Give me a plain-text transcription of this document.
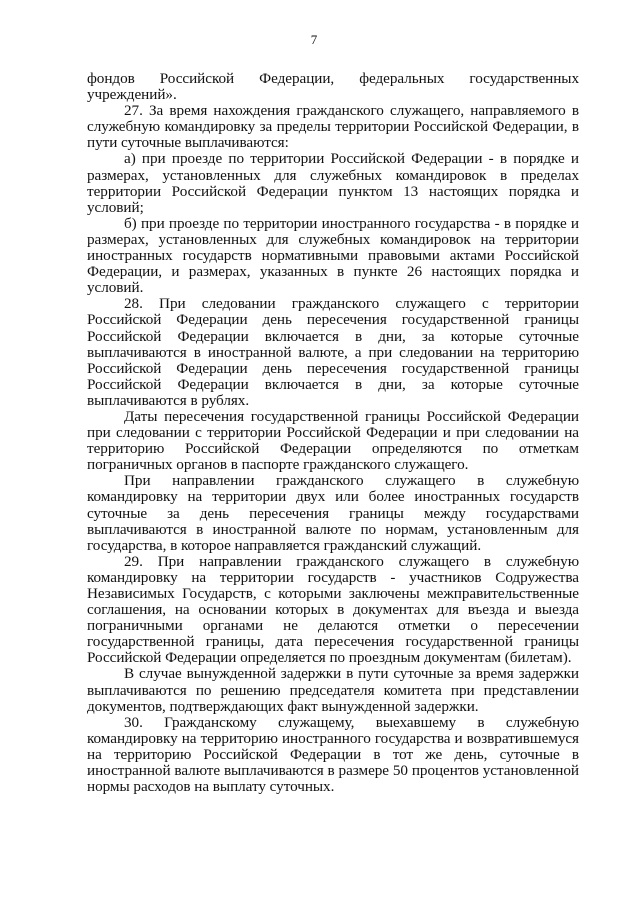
7

фондов Российской Федерации, федеральных государственных учреждений».

27. За время нахождения гражданского служащего, направляемого в служебную командировку за пределы территории Российской Федерации, в пути суточные выплачиваются:

а) при проезде по территории Российской Федерации - в порядке и размерах, установленных для служебных командировок в пределах территории Российской Федерации пунктом 13 настоящих порядка и условий;

б) при проезде по территории иностранного государства - в порядке и размерах, установленных для служебных командировок на территории иностранных государств нормативными правовыми актами Российской Федерации, и размерах, указанных в пункте 26 настоящих порядка и условий.

28. При следовании гражданского служащего с территории Российской Федерации день пересечения государственной границы Российской Федерации включается в дни, за которые суточные выплачиваются в иностранной валюте, а при следовании на территорию Российской Федерации день пересечения государственной границы Российской Федерации включается в дни, за которые суточные выплачиваются в рублях.

Даты пересечения государственной границы Российской Федерации при следовании с территории Российской Федерации и при следовании на территорию Российской Федерации определяются по отметкам пограничных органов в паспорте гражданского служащего.

При направлении гражданского служащего в служебную командировку на территории двух или более иностранных государств суточные за день пересечения границы между государствами выплачиваются в иностранной валюте по нормам, установленным для государства, в которое направляется гражданский служащий.

29. При направлении гражданского служащего в служебную командировку на территории государств - участников Содружества Независимых Государств, с которыми заключены межправительственные соглашения, на основании которых в документах для въезда и выезда пограничными органами не делаются отметки о пересечении государственной границы, дата пересечения государственной границы Российской Федерации определяется по проездным документам (билетам).

В случае вынужденной задержки в пути суточные за время задержки выплачиваются по решению председателя комитета при представлении документов, подтверждающих факт вынужденной задержки.

30. Гражданскому служащему, выехавшему в служебную командировку на территорию иностранного государства и возвратившемуся на территорию Российской Федерации в тот же день, суточные в иностранной валюте выплачиваются в размере 50 процентов установленной нормы расходов на выплату суточных.
